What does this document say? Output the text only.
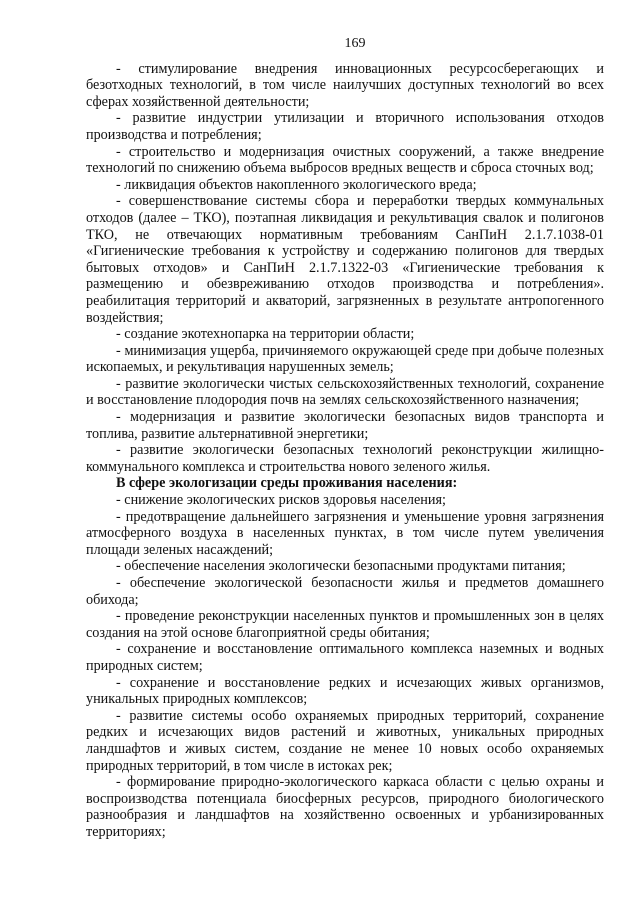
169

- стимулирование внедрения инновационных ресурсосберегающих и безотходных технологий, в том числе наилучших доступных технологий во всех сферах хозяйственной деятельности;

- развитие индустрии утилизации и вторичного использования отходов производства и потребления;

- строительство и модернизация очистных сооружений, а также внедрение технологий по снижению объема выбросов вредных веществ и сброса сточных вод;

- ликвидация объектов накопленного экологического вреда;

- совершенствование системы сбора и переработки твердых коммунальных отходов (далее – ТКО), поэтапная ликвидация и рекультивация свалок и полигонов ТКО, не отвечающих нормативным требованиям СанПиН 2.1.7.1038-01 «Гигиенические требования к устройству и содержанию полигонов для твердых бытовых отходов» и СанПиН 2.1.7.1322-03 «Гигиенические требования к размещению и обезвреживанию отходов производства и потребления». реабилитация территорий и акваторий, загрязненных в результате антропогенного воздействия;

- создание экотехнопарка на территории области;

- минимизация ущерба, причиняемого окружающей среде при добыче полезных ископаемых, и рекультивация нарушенных земель;

- развитие экологически чистых сельскохозяйственных технологий, сохранение и восстановление плодородия почв на землях сельскохозяйственного назначения;

- модернизация и развитие экологически безопасных видов транспорта и топлива, развитие альтернативной энергетики;

- развитие экологически безопасных технологий реконструкции жилищно-коммунального комплекса и строительства нового зеленого жилья.

В сфере экологизации среды проживания населения:

- снижение экологических рисков здоровья населения;

- предотвращение дальнейшего загрязнения и уменьшение уровня загрязнения атмосферного воздуха в населенных пунктах, в том числе путем увеличения площади зеленых насаждений;

- обеспечение населения экологически безопасными продуктами питания;

- обеспечение экологической безопасности жилья и предметов домашнего обихода;

- проведение реконструкции населенных пунктов и промышленных зон в целях создания на этой основе благоприятной среды обитания;

- сохранение и восстановление оптимального комплекса наземных и водных природных систем;

- сохранение и восстановление редких и исчезающих живых организмов, уникальных природных комплексов;

- развитие системы особо охраняемых природных территорий, сохранение редких и исчезающих видов растений и животных, уникальных природных ландшафтов и живых систем, создание не менее 10 новых особо охраняемых природных территорий, в том числе в истоках рек;

- формирование природно-экологического каркаса области с целью охраны и воспроизводства потенциала биосферных ресурсов, природного биологического разнообразия и ландшафтов на хозяйственно освоенных и урбанизированных территориях;
